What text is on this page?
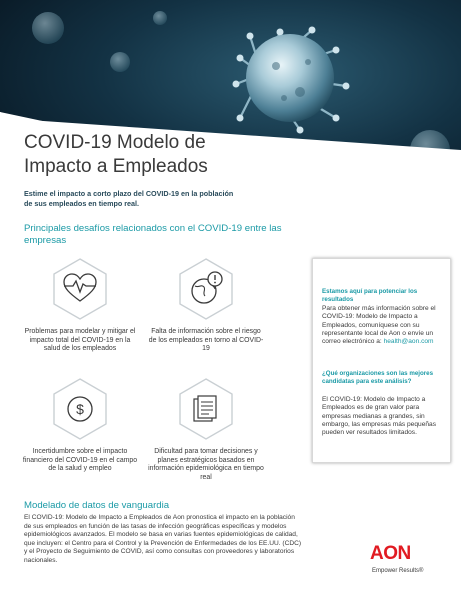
COVID-19 Modelo de
Impacto a Empleados

Estime el impacto a corto plazo del COVID-19 en la población de sus empleados en tiempo real.

Principales desafíos relacionados con el COVID-19 entre las empresas

Problemas para modelar y mitigar el impacto total del COVID-19 en la salud de los empleados

Falta de información sobre el riesgo de los empleados en torno al COVID-19

$

Incertidumbre sobre el impacto financiero del COVID-19 en el campo de la salud y empleo

Dificultad para tomar decisiones y planes estratégicos basados en información epidemiológica en tiempo real

Modelado de datos de vanguardia

El COVID-19: Modelo de Impacto a Empleados de Aon pronostica el impacto en la población de sus empleados en función de las tasas de infección geográficas específicas y modelos epidemiológicos avanzados. El modelo se basa en varias fuentes epidemiológicas de calidad, que incluyen: el Centro para el Control y la Prevención de Enfermedades de los EE.UU. (CDC) y el Proyecto de Seguimiento de COVID, así como consultas con proveedores y laboratorios nacionales.

Estamos aquí para potenciar los resultados

Para obtener más información sobre el COVID-19: Modelo de Impacto a Empleados, comuníquese con su representante local de Aon o envíe un correo electrónico a: health@aon.com

¿Qué organizaciones son las mejores candidatas para este análisis?

El COVID-19: Modelo de Impacto a Empleados es de gran valor para empresas medianas a grandes, sin embargo, las empresas más pequeñas pueden ver resultados limitados.

AON
Empower Results®
